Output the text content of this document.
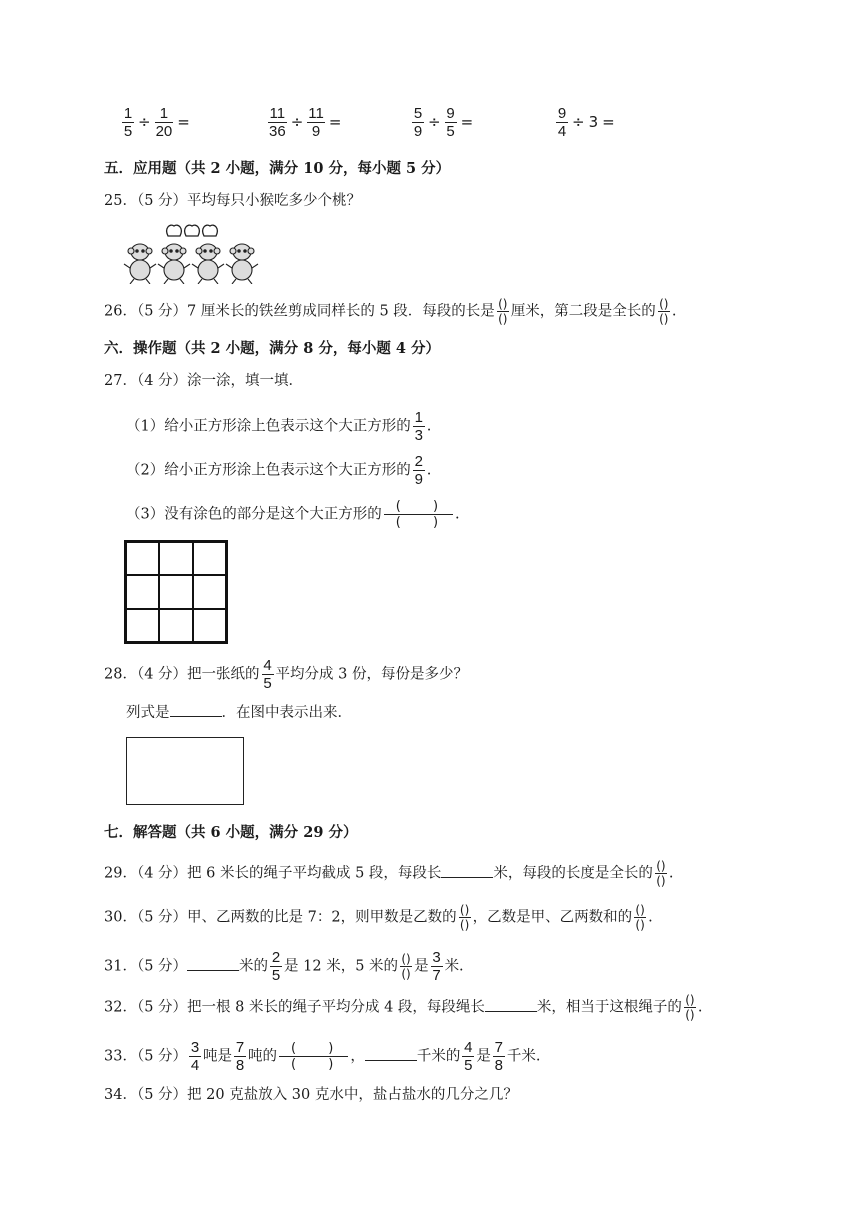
$\frac{1}{5} \div \frac{1}{20}$ =	$\frac{11}{36} \div \frac{11}{9}$ =	$\frac{5}{9} \div \frac{9}{5}$ =	$\frac{9}{4} \div 3$ =
五．应用题（共 2 小题，满分 10 分，每小题 5 分）
25．（5 分）平均每只小猴吃多少个桃？
26．（5 分）7 厘米长的铁丝剪成同样长的 5 段．每段的长是 $\frac{()}{()}$ 厘米，第二段是全长的 $\frac{()}{()}$ .
六．操作题（共 2 小题，满分 8 分，每小题 4 分）
27．（4 分）涂一涂，填一填．
（1）给小正方形涂上色表示这个大正方形的 $\frac{1}{3}$ .
（2）给小正方形涂上色表示这个大正方形的 $\frac{2}{9}$ .
（3）没有涂色的部分是这个大正方形的 $\frac{( )}{( )}$ .
28．（4 分）把一张纸的 $\frac{4}{5}$ 平均分成 3 份，每份是多少？
列式是	．在图中表示出来．
七．解答题（共 6 小题，满分 29 分）
29．（4 分）把 6 米长的绳子平均截成 5 段，每段长	米，每段的长度是全长的 $\frac{()}{()}$ .
30．（5 分）甲、乙两数的比是 7：2，则甲数是乙数的 $\frac{()}{()}$ ，乙数是甲、乙两数和的 $\frac{()}{()}$ .
31．（5 分）	米的 $\frac{2}{5}$ 是 12 米，5 米的 $\frac{()}{()}$ 是 $\frac{3}{7}$ 米.
32．（5 分）把一根 8 米长的绳子平均分成 4 段，每段绳长	米，相当于这根绳子的 $\frac{()}{()}$ .
33．（5 分） $\frac{3}{4}$ 吨是 $\frac{7}{8}$ 吨的 $\frac{( )}{( )}$ ，	千米的 $\frac{4}{5}$ 是 $\frac{7}{8}$ 千米.
34．（5 分）把 20 克盐放入 30 克水中，盐占盐水的几分之几？
